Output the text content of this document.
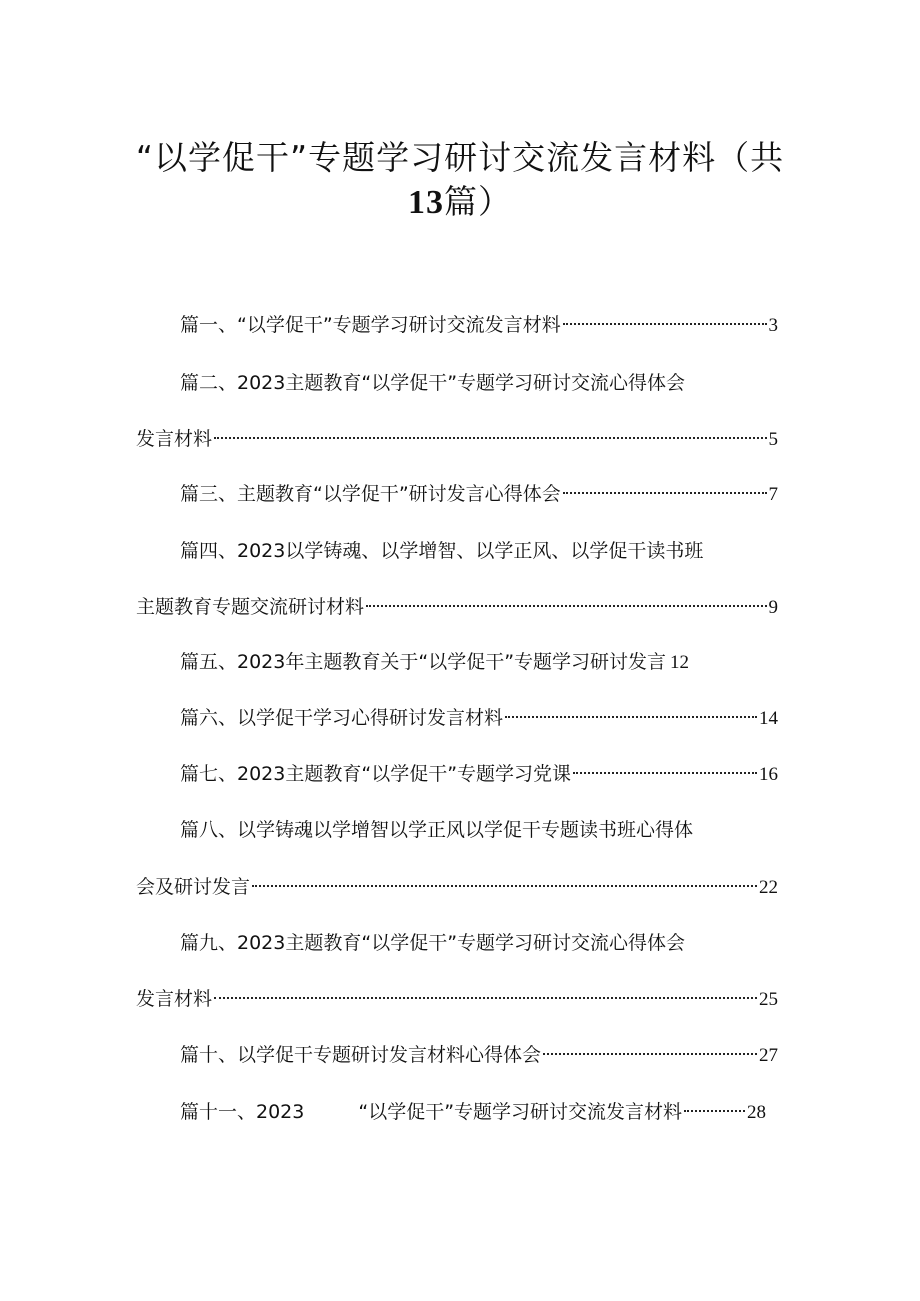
“以学促干”专题学习研讨交流发言材料（共
13篇）
篇一、“以学促干”专题学习研讨交流发言材料	3
篇二、2023主题教育“以学促干”专题学习研讨交流心得体会
发言材料	5
篇三、主题教育“以学促干”研讨发言心得体会	7
篇四、2023以学铸魂、以学增智、以学正风、以学促干读书班
主题教育专题交流研讨材料	9
篇五、2023年主题教育关于“以学促干”专题学习研讨发言 12
篇六、以学促干学习心得研讨发言材料	14
篇七、2023主题教育“以学促干”专题学习党课	16
篇八、以学铸魂以学增智以学正风以学促干专题读书班心得体
会及研讨发言	22
篇九、2023主题教育“以学促干”专题学习研讨交流心得体会
发言材料	25
篇十、以学促干专题研讨发言材料心得体会	27
篇十一、2023	“以学促干”专题学习研讨交流发言材料	28
